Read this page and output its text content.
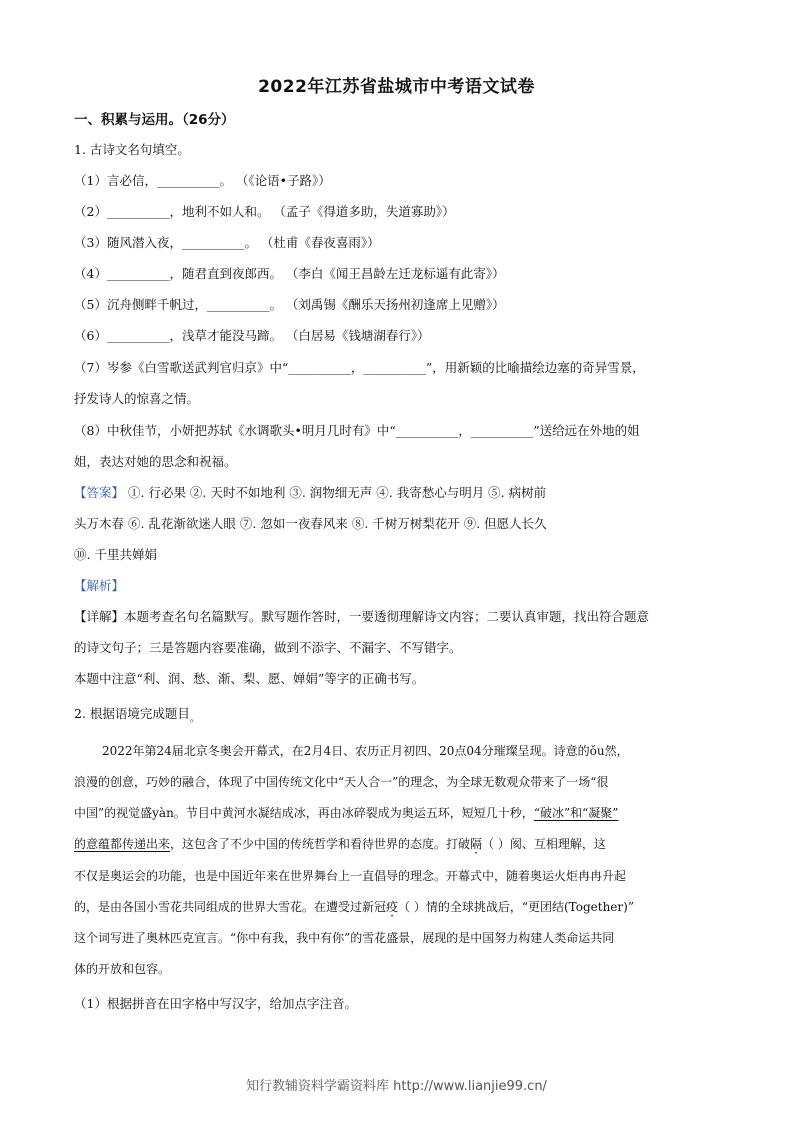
2022年江苏省盐城市中考语文试卷
一、积累与运用。（26分）
1. 古诗文名句填空。
（1）言必信，__________。 （《论语•子路》）
（2）__________，地利不如人和。 （孟子《得道多助，失道寡助》）
（3）随风潜入夜，__________。 （杜甫《春夜喜雨》）
（4）__________，随君直到夜郎西。 （李白《闻王昌龄左迁龙标遥有此寄》）
（5）沉舟侧畔千帆过，__________。 （刘禹锡《酬乐天扬州初逢席上见赠》）
（6）__________，浅草才能没马蹄。 （白居易《钱塘湖春行》）
（7）岑参《白雪歌送武判官归京》中“__________，__________”，用新颖的比喻描绘边塞的奇异雪景，
抒发诗人的惊喜之情。
（8）中秋佳节，小妍把苏轼《水调歌头•明月几时有》中“__________，__________”送给远在外地的姐
姐，表达对她的思念和祝福。
【答案】 ①. 行必果 ②. 天时不如地利 ③. 润物细无声 ④. 我寄愁心与明月 ⑤. 病树前
头万木春 ⑥. 乱花渐欲迷人眼 ⑦. 忽如一夜春风来 ⑧. 千树万树梨花开 ⑨. 但愿人长久
⑩. 千里共婵娟
【解析】
【详解】本题考查名句名篇默写。默写题作答时，一要透彻理解诗文内容；二要认真审题，找出符合题意
的诗文句子；三是答题内容要准确，做到不添字、不漏字、不写错字。
本题中注意“利、润、愁、渐、梨、愿、婵娟”等字的正确书写。
2. 根据语境完成题目$_。$
2022年第24届北京冬奥会开幕式，在2月4日、农历正月初四、20点04分璀璨呈现。诗意的ǒu然，
浪漫的创意，巧妙的融合，体现了中国传统文化中“天人合一”的理念，为全球无数观众带来了一场“很
中国”的视觉盛yàn。节目中黄河水凝结成冰，再由冰碎裂成为奥运五环，短短几十秒，“破冰”和“凝聚”
的意蕴都传递出来，这包含了不少中国的传统哲学和看待世界的态度。打破隔（ ）阂、互相理解，这
不仅是奥运会的功能，也是中国近年来在世界舞台上一直倡导的理念。开幕式中，随着奥运火炬冉冉升起
的，是由各国小雪花共同组成的世界大雪花。在遭受过新冠疫（ ）情的全球挑战后，“更团结(Together)”
这个词写进了奥林匹克宣言。“你中有我，我中有你”的雪花盛景，展现的是中国努力构建人类命运共同
体的开放和包容。
（1）根据拼音在田字格中写汉字，给加点字注音。
知行教辅资料学霸资料库 http://www.lianjie99.cn/
